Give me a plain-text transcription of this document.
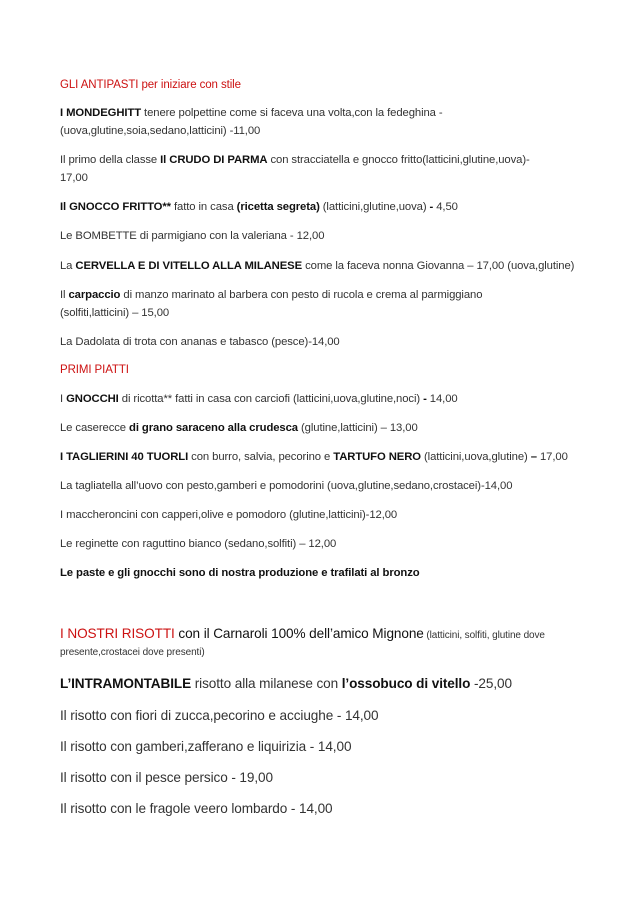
GLI ANTIPASTI per iniziare con stile

I MONDEGHITT tenere polpettine come si faceva una volta,con la fedeghina -

(uova,glutine,soia,sedano,latticini) -11,00

Il primo della classe Il CRUDO DI PARMA con stracciatella e gnocco fritto(latticini,glutine,uova)-

17,00

Il GNOCCO FRITTO** fatto in casa (ricetta segreta) (latticini,glutine,uova) - 4,50

Le BOMBETTE di parmigiano con la valeriana - 12,00

La CERVELLA E DI VITELLO ALLA MILANESE come la faceva nonna Giovanna – 17,00 (uova,glutine)

Il carpaccio di manzo marinato al barbera con pesto di rucola e crema al parmiggiano

(solfiti,latticini) – 15,00

La Dadolata di trota con ananas e tabasco (pesce)-14,00

PRIMI PIATTI

I GNOCCHI di ricotta** fatti in casa con carciofi (latticini,uova,glutine,noci) - 14,00

Le caserecce di grano saraceno alla crudesca (glutine,latticini) – 13,00

I TAGLIERINI 40 TUORLI con burro, salvia, pecorino e TARTUFO NERO (latticini,uova,glutine) – 17,00

La tagliatella all’uovo con pesto,gamberi e pomodorini (uova,glutine,sedano,crostacei)-14,00

I maccheroncini con capperi,olive e pomodoro (glutine,latticini)-12,00

Le reginette con raguttino bianco (sedano,solfiti) – 12,00

Le paste e gli gnocchi sono di nostra produzione e trafilati al bronzo

I NOSTRI RISOTTI con il Carnaroli 100% dell’amico Mignone (latticini, solfiti, glutine dove

presente,crostacei dove presenti)

L’INTRAMONTABILE risotto alla milanese con l’ossobuco di vitello -25,00

Il risotto con fiori di zucca,pecorino e acciughe - 14,00

Il risotto con gamberi,zafferano e liquirizia - 14,00

Il risotto con il pesce persico - 19,00

Il risotto con le fragole veero lombardo - 14,00
